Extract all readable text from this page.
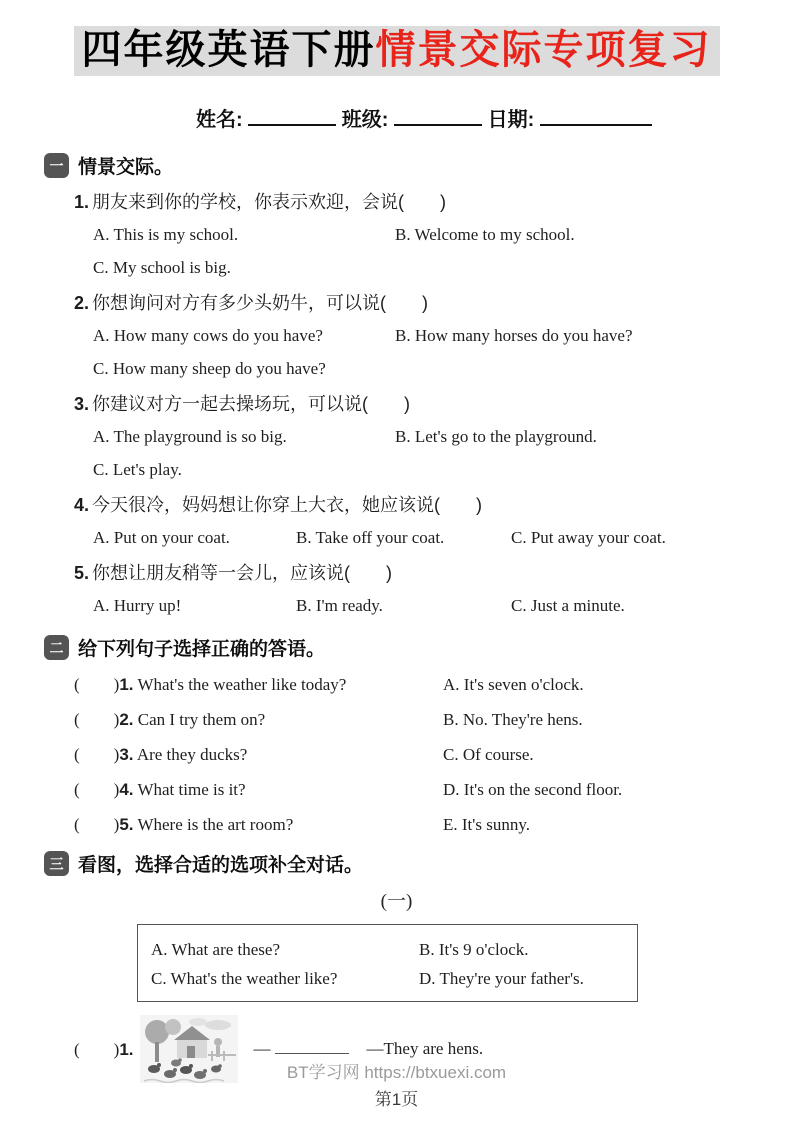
四年级英语下册情景交际专项复习
姓名:	班级:	日期:
一 情景交际。
1. 朋友来到你的学校，你表示欢迎，会说(　　)
A. This is my school.	B. Welcome to my school.
C. My school is big.
2. 你想询问对方有多少头奶牛，可以说(　　)
A. How many cows do you have?	B. How many horses do you have?
C. How many sheep do you have?
3. 你建议对方一起去操场玩，可以说(　　)
A. The playground is so big.	B. Let's go to the playground.
C. Let's play.
4. 今天很冷，妈妈想让你穿上大衣，她应该说(　　)
A. Put on your coat.	B. Take off your coat.	C. Put away your coat.
5. 你想让朋友稍等一会儿，应该说(　　)
A. Hurry up!	B. I'm ready.	C. Just a minute.
二 给下列句子选择正确的答语。
(　　)1. What's the weather like today?	A. It's seven o'clock.
(　　)2. Can I try them on?	B. No. They're hens.
(　　)3. Are they ducks?	C. Of course.
(　　)4. What time is it?	D. It's on the second floor.
(　　)5. Where is the art room?	E. It's sunny.
三 看图，选择合适的选项补全对话。
(一)
A. What are these?	B. It's 9 o'clock.
C. What's the weather like?	D. They're your father's.
(　　)1.	—	—They are hens.
BT学习网 https://btxuexi.com
第1页
